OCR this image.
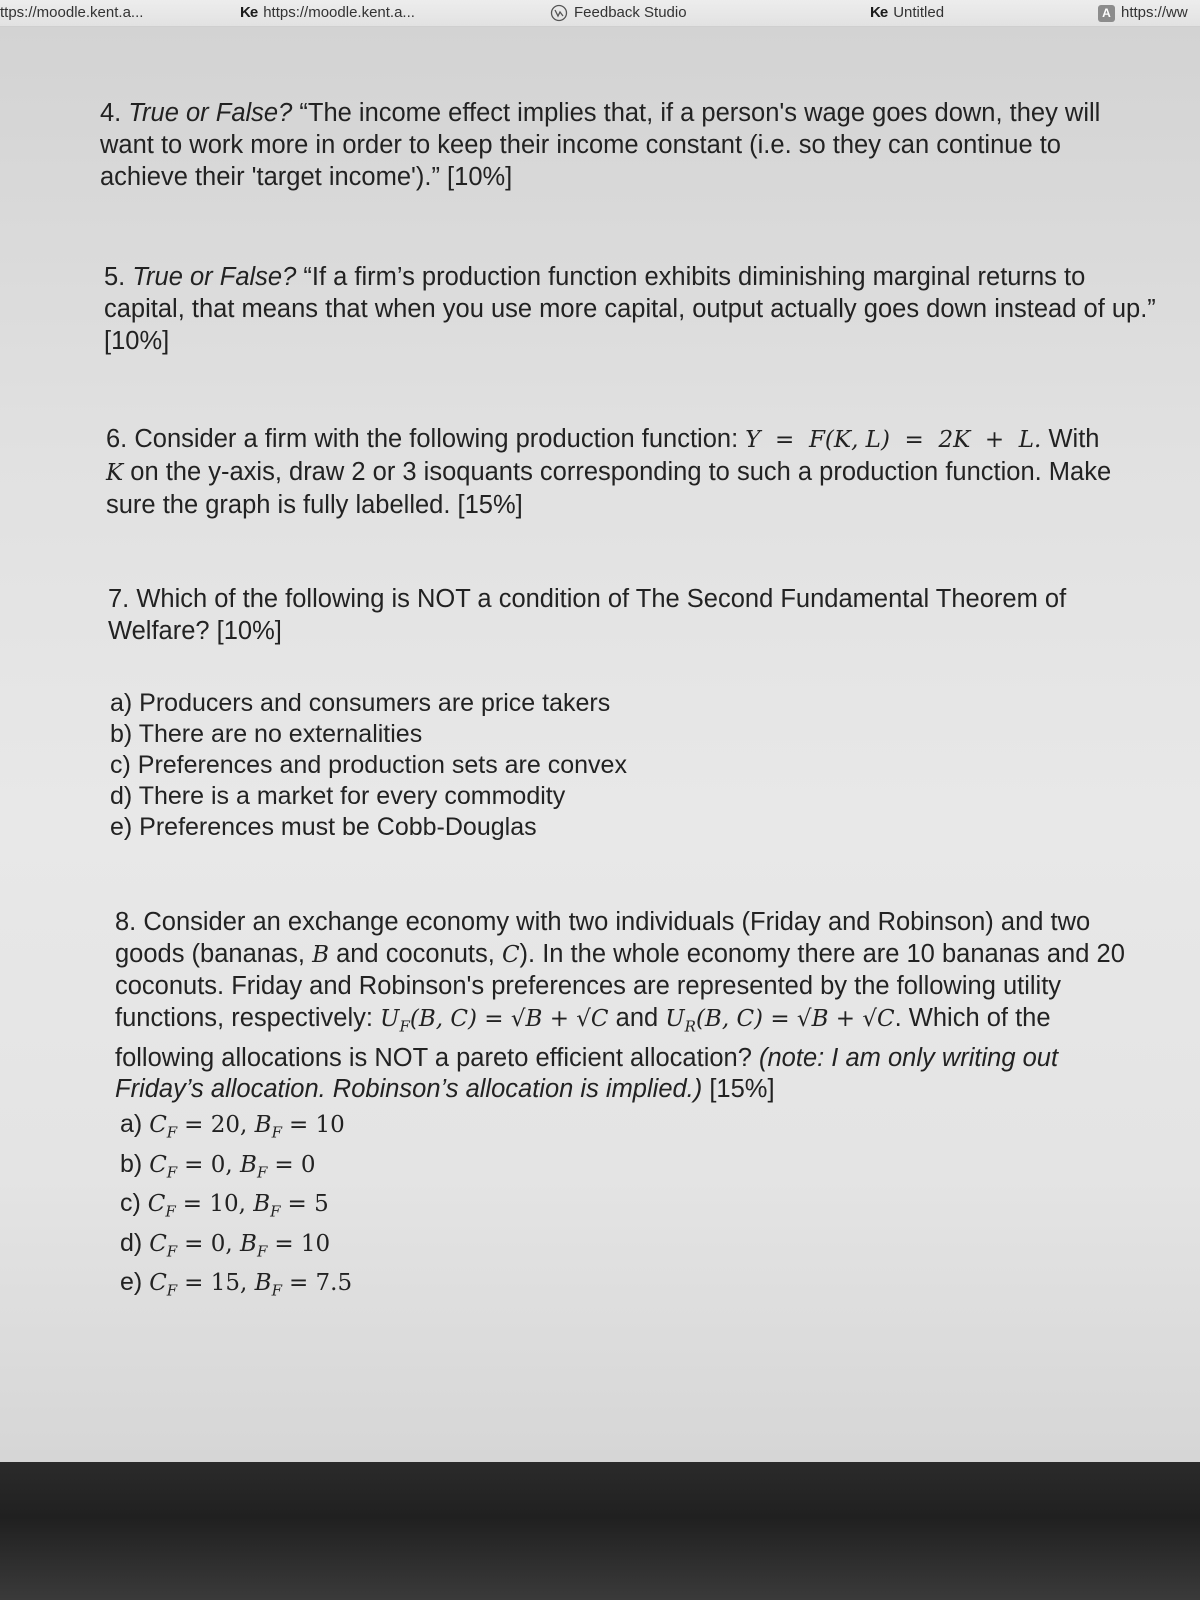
ttps://moodle.kent.a...	Ke https://moodle.kent.a...	Feedback Studio	Ke Untitled	A https://ww

4. True or False? “The income effect implies that, if a person's wage goes down, they will want to work more in order to keep their income constant (i.e. so they can continue to achieve their 'target income').” [10%]

5. True or False? “If a firm’s production function exhibits diminishing marginal returns to capital, that means that when you use more capital, output actually goes down instead of up.” [10%]

6. Consider a firm with the following production function: Y  =  F(K, L)  =  2K  +  L. With K on the y-axis, draw 2 or 3 isoquants corresponding to such a production function. Make sure the graph is fully labelled. [15%]

7. Which of the following is NOT a condition of The Second Fundamental Theorem of Welfare? [10%]

a) Producers and consumers are price takers
b) There are no externalities
c) Preferences and production sets are convex
d) There is a market for every commodity
e) Preferences must be Cobb-Douglas

8. Consider an exchange economy with two individuals (Friday and Robinson) and two goods (bananas, B and coconuts, C). In the whole economy there are 10 bananas and 20 coconuts. Friday and Robinson's preferences are represented by the following utility functions, respectively: $U_F(B$, C) = √B + √C and $U_R(B$, C) = √B + √C. Which of the following allocations is NOT a pareto efficient allocation? (note: I am only writing out Friday’s allocation. Robinson’s allocation is implied.) [15%]

a) $C_F = 20$, $B_F = 10$
b) $C_F = 0$, $B_F = 0$
c) $C_F = 10$, $B_F = 5$
d) $C_F = 0$, $B_F = 10$
e) $C_F = 15$, $B_F = 7.5$
